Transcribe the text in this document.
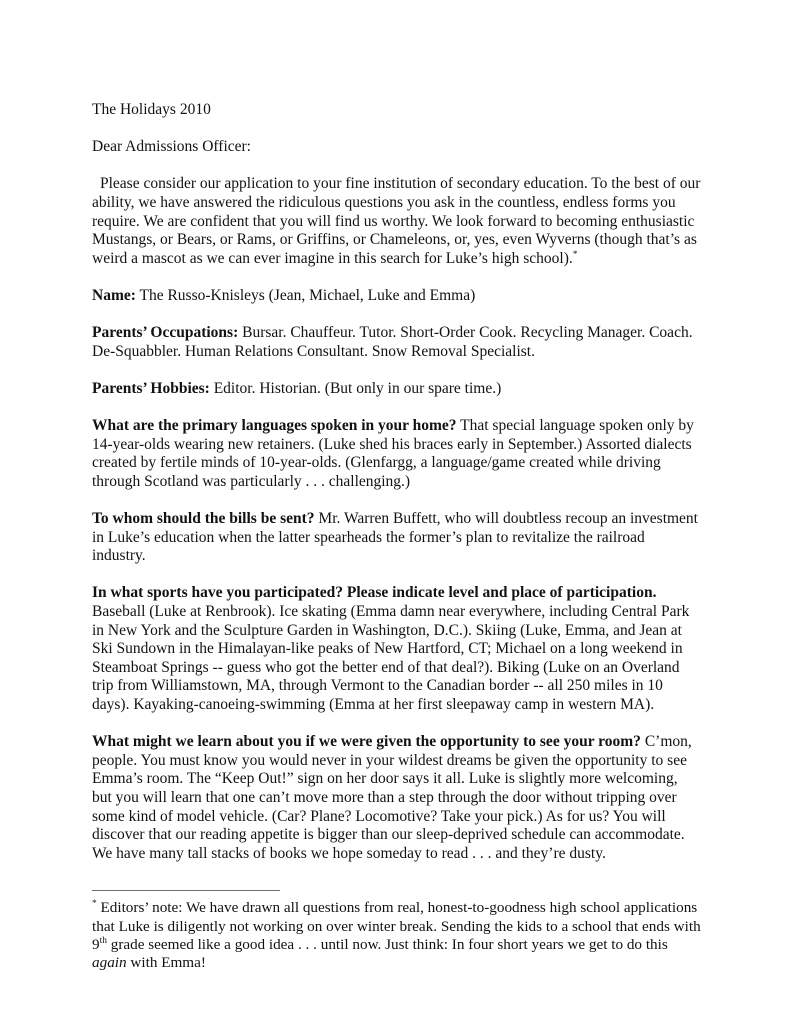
The Holidays 2010

Dear Admissions Officer:

Please consider our application to your fine institution of secondary education. To the best of our ability, we have answered the ridiculous questions you ask in the countless, endless forms you require. We are confident that you will find us worthy. We look forward to becoming enthusiastic Mustangs, or Bears, or Rams, or Griffins, or Chameleons, or, yes, even Wyverns (though that’s as weird a mascot as we can ever imagine in this search for Luke’s high school).*

Name: The Russo-Knisleys (Jean, Michael, Luke and Emma)

Parents’ Occupations: Bursar. Chauffeur. Tutor. Short-Order Cook. Recycling Manager. Coach. De-Squabbler. Human Relations Consultant. Snow Removal Specialist.

Parents’ Hobbies: Editor. Historian. (But only in our spare time.)

What are the primary languages spoken in your home? That special language spoken only by 14-year-olds wearing new retainers. (Luke shed his braces early in September.) Assorted dialects created by fertile minds of 10-year-olds. (Glenfargg, a language/game created while driving through Scotland was particularly . . . challenging.)

To whom should the bills be sent? Mr. Warren Buffett, who will doubtless recoup an investment in Luke’s education when the latter spearheads the former’s plan to revitalize the railroad industry.

In what sports have you participated? Please indicate level and place of participation. Baseball (Luke at Renbrook). Ice skating (Emma damn near everywhere, including Central Park in New York and the Sculpture Garden in Washington, D.C.). Skiing (Luke, Emma, and Jean at Ski Sundown in the Himalayan-like peaks of New Hartford, CT; Michael on a long weekend in Steamboat Springs -- guess who got the better end of that deal?). Biking (Luke on an Overland trip from Williamstown, MA, through Vermont to the Canadian border -- all 250 miles in 10 days). Kayaking-canoeing-swimming (Emma at her first sleepaway camp in western MA).

What might we learn about you if we were given the opportunity to see your room? C’mon, people. You must know you would never in your wildest dreams be given the opportunity to see Emma’s room. The “Keep Out!” sign on her door says it all. Luke is slightly more welcoming, but you will learn that one can’t move more than a step through the door without tripping over some kind of model vehicle. (Car? Plane? Locomotive? Take your pick.) As for us? You will discover that our reading appetite is bigger than our sleep-deprived schedule can accommodate. We have many tall stacks of books we hope someday to read . . . and they’re dusty.

* Editors’ note: We have drawn all questions from real, honest-to-goodness high school applications that Luke is diligently not working on over winter break. Sending the kids to a school that ends with 9th grade seemed like a good idea . . . until now. Just think: In four short years we get to do this again with Emma!
